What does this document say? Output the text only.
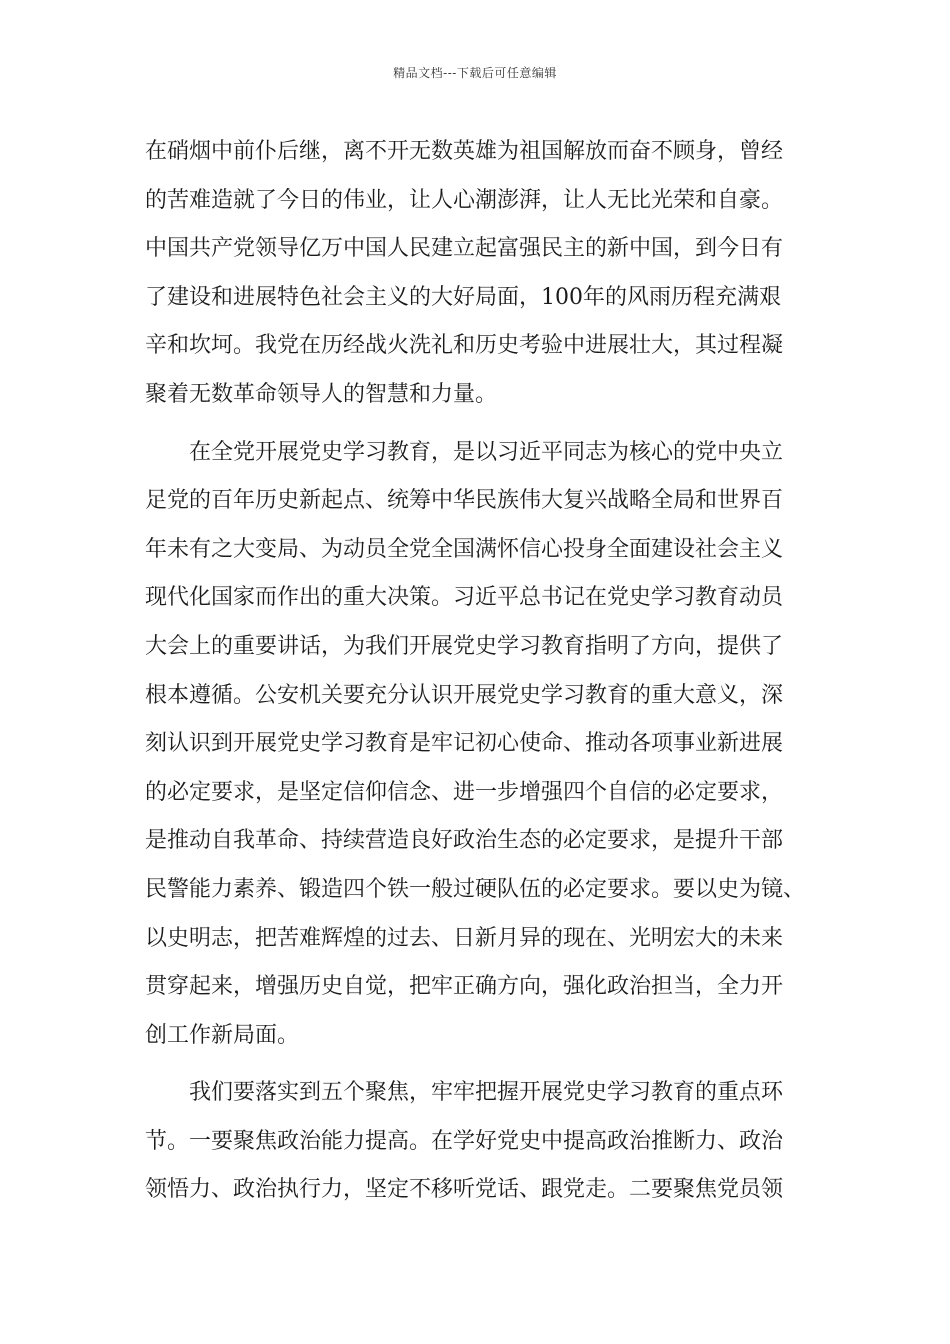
精品文档---下载后可任意编辑
在硝烟中前仆后继，离不开无数英雄为祖国解放而奋不顾身，曾经
的苦难造就了今日的伟业，让人心潮澎湃，让人无比光荣和自豪。
中国共产党领导亿万中国人民建立起富强民主的新中国，到今日有
了建设和进展特色社会主义的大好局面，100年的风雨历程充满艰
辛和坎坷。我党在历经战火洗礼和历史考验中进展壮大，其过程凝
聚着无数革命领导人的智慧和力量。
　　在全党开展党史学习教育，是以习近平同志为核心的党中央立
足党的百年历史新起点、统筹中华民族伟大复兴战略全局和世界百
年未有之大变局、为动员全党全国满怀信心投身全面建设社会主义
现代化国家而作出的重大决策。习近平总书记在党史学习教育动员
大会上的重要讲话，为我们开展党史学习教育指明了方向，提供了
根本遵循。公安机关要充分认识开展党史学习教育的重大意义，深
刻认识到开展党史学习教育是牢记初心使命、推动各项事业新进展
的必定要求，是坚定信仰信念、进一步增强四个自信的必定要求，
是推动自我革命、持续营造良好政治生态的必定要求，是提升干部
民警能力素养、锻造四个铁一般过硬队伍的必定要求。要以史为镜、
以史明志，把苦难辉煌的过去、日新月异的现在、光明宏大的未来
贯穿起来，增强历史自觉，把牢正确方向，强化政治担当，全力开
创工作新局面。
　　我们要落实到五个聚焦，牢牢把握开展党史学习教育的重点环
节。一要聚焦政治能力提高。在学好党史中提高政治推断力、政治
领悟力、政治执行力，坚定不移听党话、跟党走。二要聚焦党员领
